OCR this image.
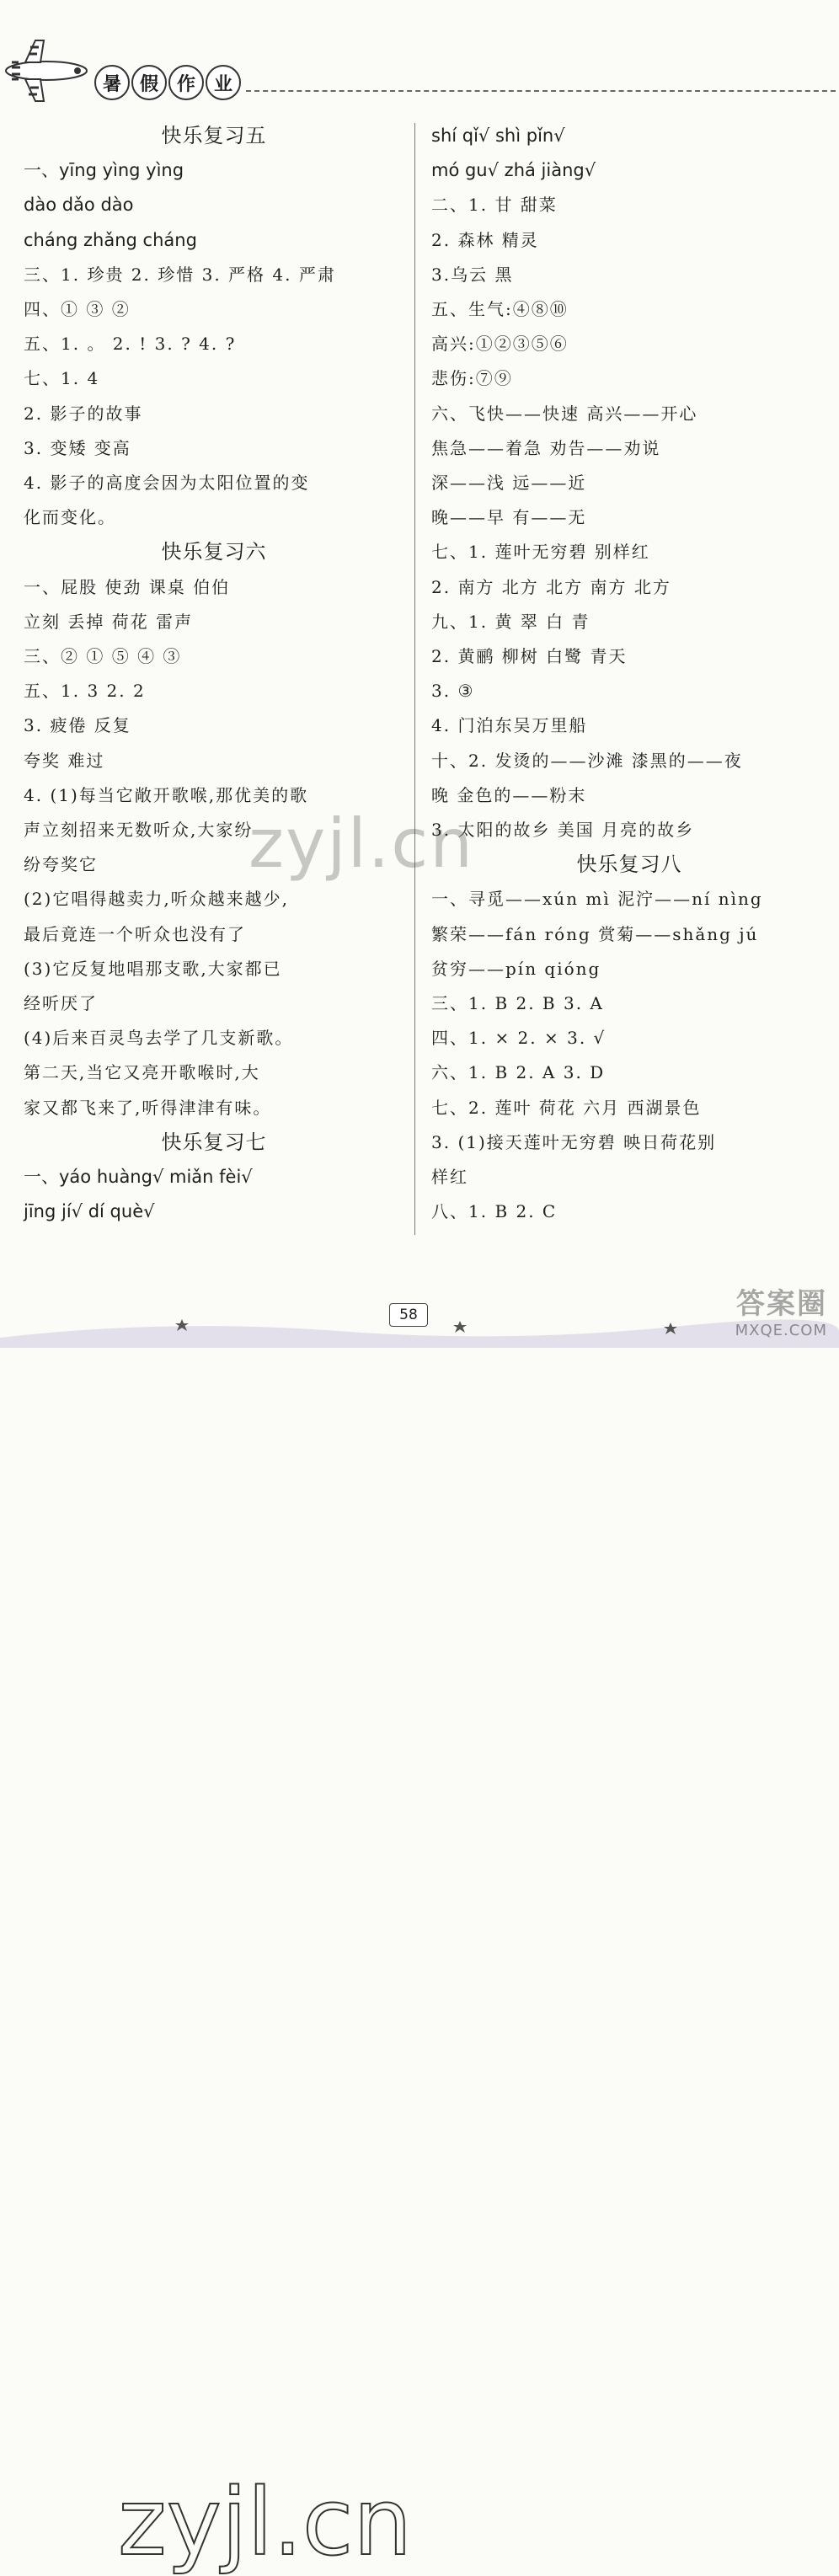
暑 假 作 业
快乐复习五
一、yīng yìng yìng
dào dǎo dào
cháng zhǎng cháng
三、1. 珍贵 2. 珍惜 3. 严格 4. 严肃
四、① ③ ②
五、1. 。 2. ! 3. ? 4. ?
七、1. 4
2. 影子的故事
3. 变矮 变高
4. 影子的高度会因为太阳位置的变
化而变化。
快乐复习六
一、屁股 使劲 课桌 伯伯
立刻 丢掉 荷花 雷声
三、② ① ⑤ ④ ③
五、1. 3 2. 2
3. 疲倦 反复
夸奖 难过
4. (1)每当它敞开歌喉,那优美的歌
声立刻招来无数听众,大家纷
纷夸奖它
(2)它唱得越卖力,听众越来越少,
最后竟连一个听众也没有了
(3)它反复地唱那支歌,大家都已
经听厌了
(4)后来百灵鸟去学了几支新歌。
第二天,当它又亮开歌喉时,大
家又都飞来了,听得津津有味。
快乐复习七
一、yáo huàng√ miǎn fèi√
jīng jí√ dí què√
shí qǐ√ shì pǐn√
mó gu√ zhá jiàng√
二、1. 甘 甜菜
2. 森林 精灵
3.乌云 黑
五、生气:④⑧⑩
高兴:①②③⑤⑥
悲伤:⑦⑨
六、飞快——快速 高兴——开心
焦急——着急 劝告——劝说
深——浅 远——近
晚——早 有——无
七、1. 莲叶无穷碧 别样红
2. 南方 北方 北方 南方 北方
九、1. 黄 翠 白 青
2. 黄鹂 柳树 白鹭 青天
3. ③
4. 门泊东吴万里船
十、2. 发烫的——沙滩 漆黑的——夜
晚 金色的——粉末
3. 太阳的故乡 美国 月亮的故乡
快乐复习八
一、寻觅——xún mì 泥泞——ní nìng
繁荣——fán róng 赏菊——shǎng jú
贫穷——pín qióng
三、1. B 2. B 3. A
四、1. × 2. × 3. √
六、1. B 2. A 3. D
七、2. 莲叶 荷花 六月 西湖景色
3. (1)接天莲叶无穷碧 映日荷花别
样红
八、1. B 2. C
zyjl.cn
zyjl.cn
答案圈
MXQE.COM
58
